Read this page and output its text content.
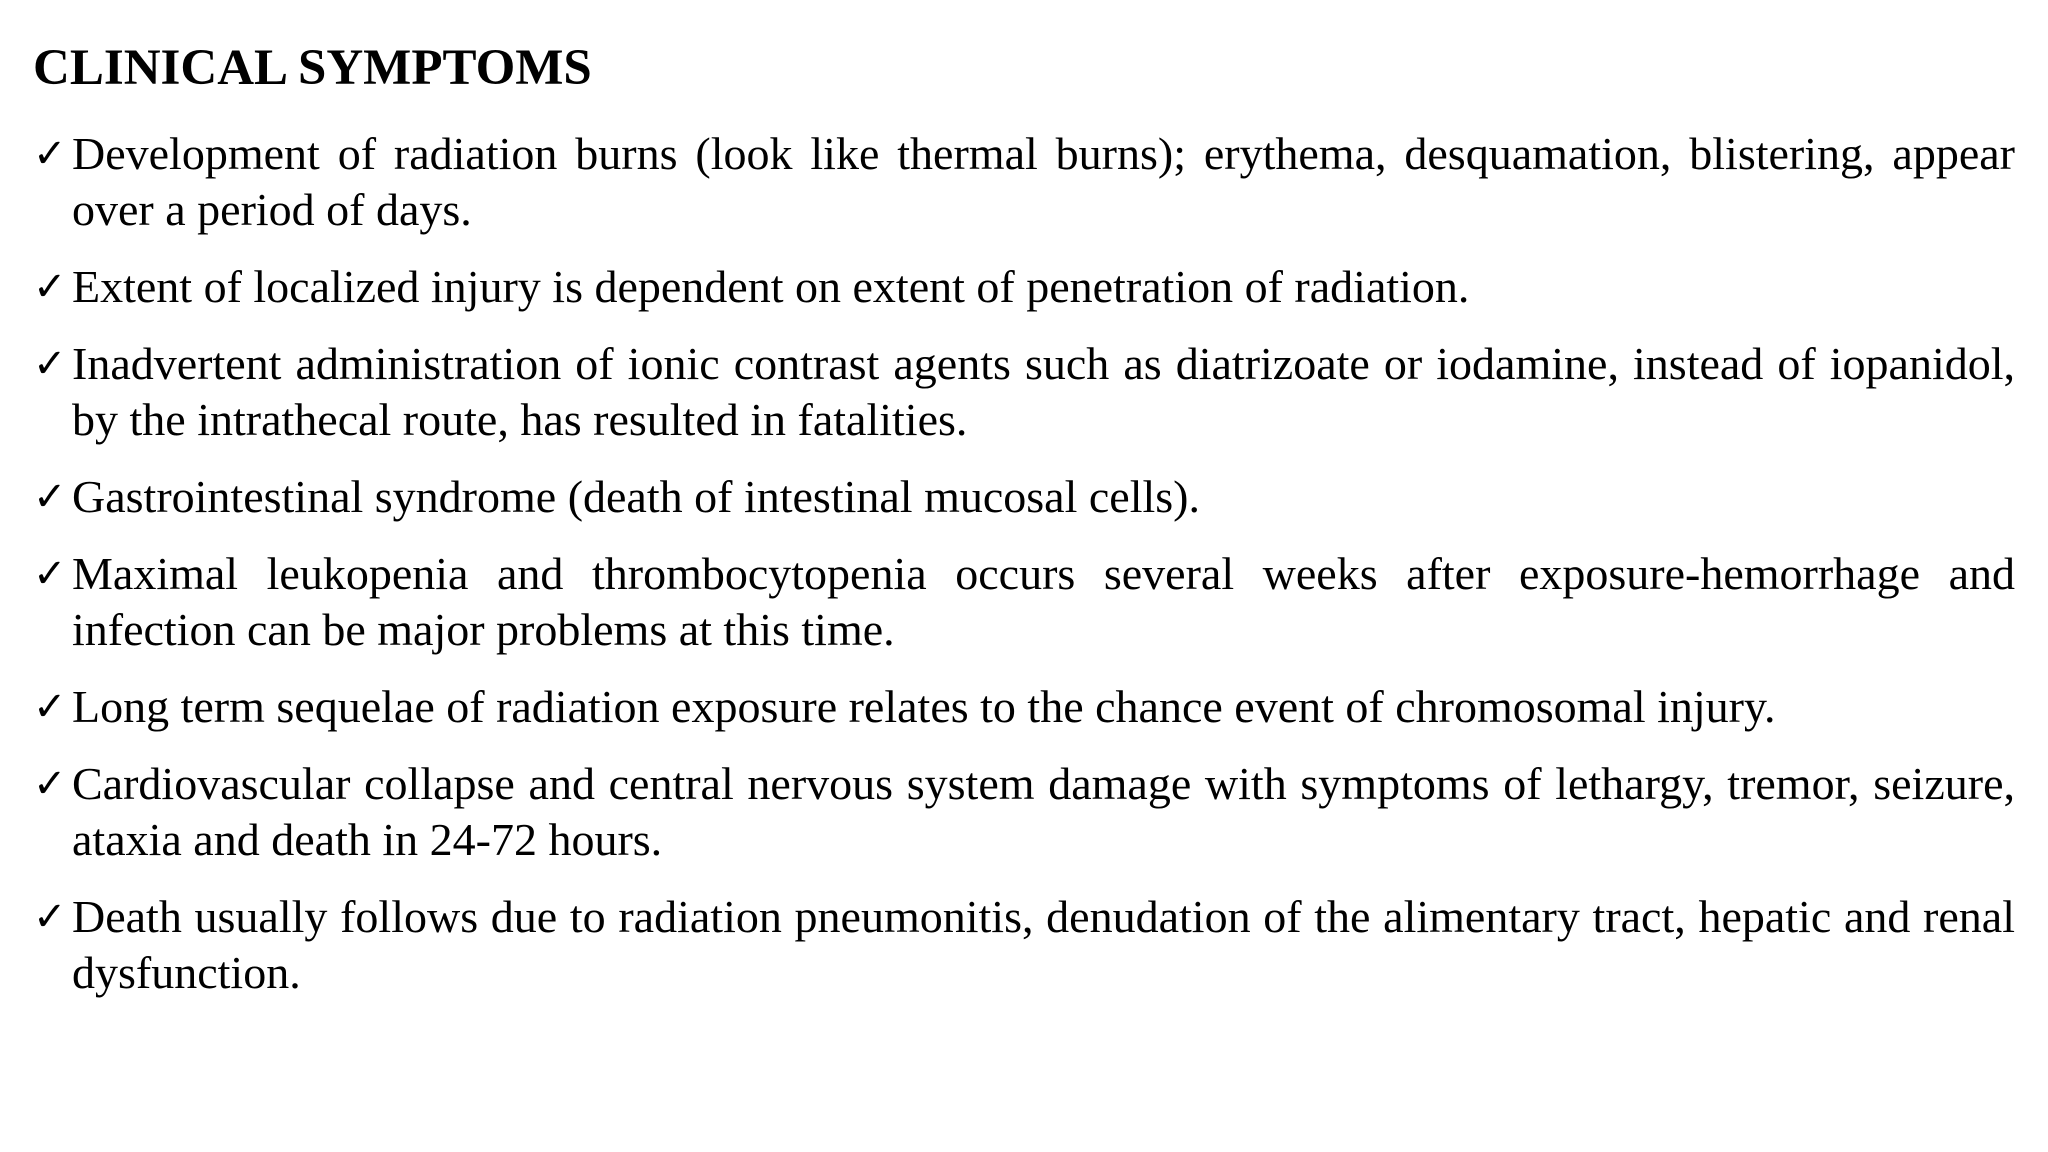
CLINICAL SYMPTOMS
✓ Development of radiation burns (look like thermal burns); erythema, desquamation, blistering, appear over a period of days.
✓ Extent of localized injury is dependent on extent of penetration of radiation.
✓ Inadvertent administration of ionic contrast agents such as diatrizoate or iodamine, instead of iopanidol, by the intrathecal route, has resulted in fatalities.
✓ Gastrointestinal syndrome (death of intestinal mucosal cells).
✓ Maximal leukopenia and thrombocytopenia occurs several weeks after exposure-hemorrhage and infection can be major problems at this time.
✓ Long term sequelae of radiation exposure relates to the chance event of chromosomal injury.
✓ Cardiovascular collapse and central nervous system damage with symptoms of lethargy, tremor, seizure, ataxia and death in 24-72 hours.
✓ Death usually follows due to radiation pneumonitis, denudation of the alimentary tract, hepatic and renal dysfunction.
